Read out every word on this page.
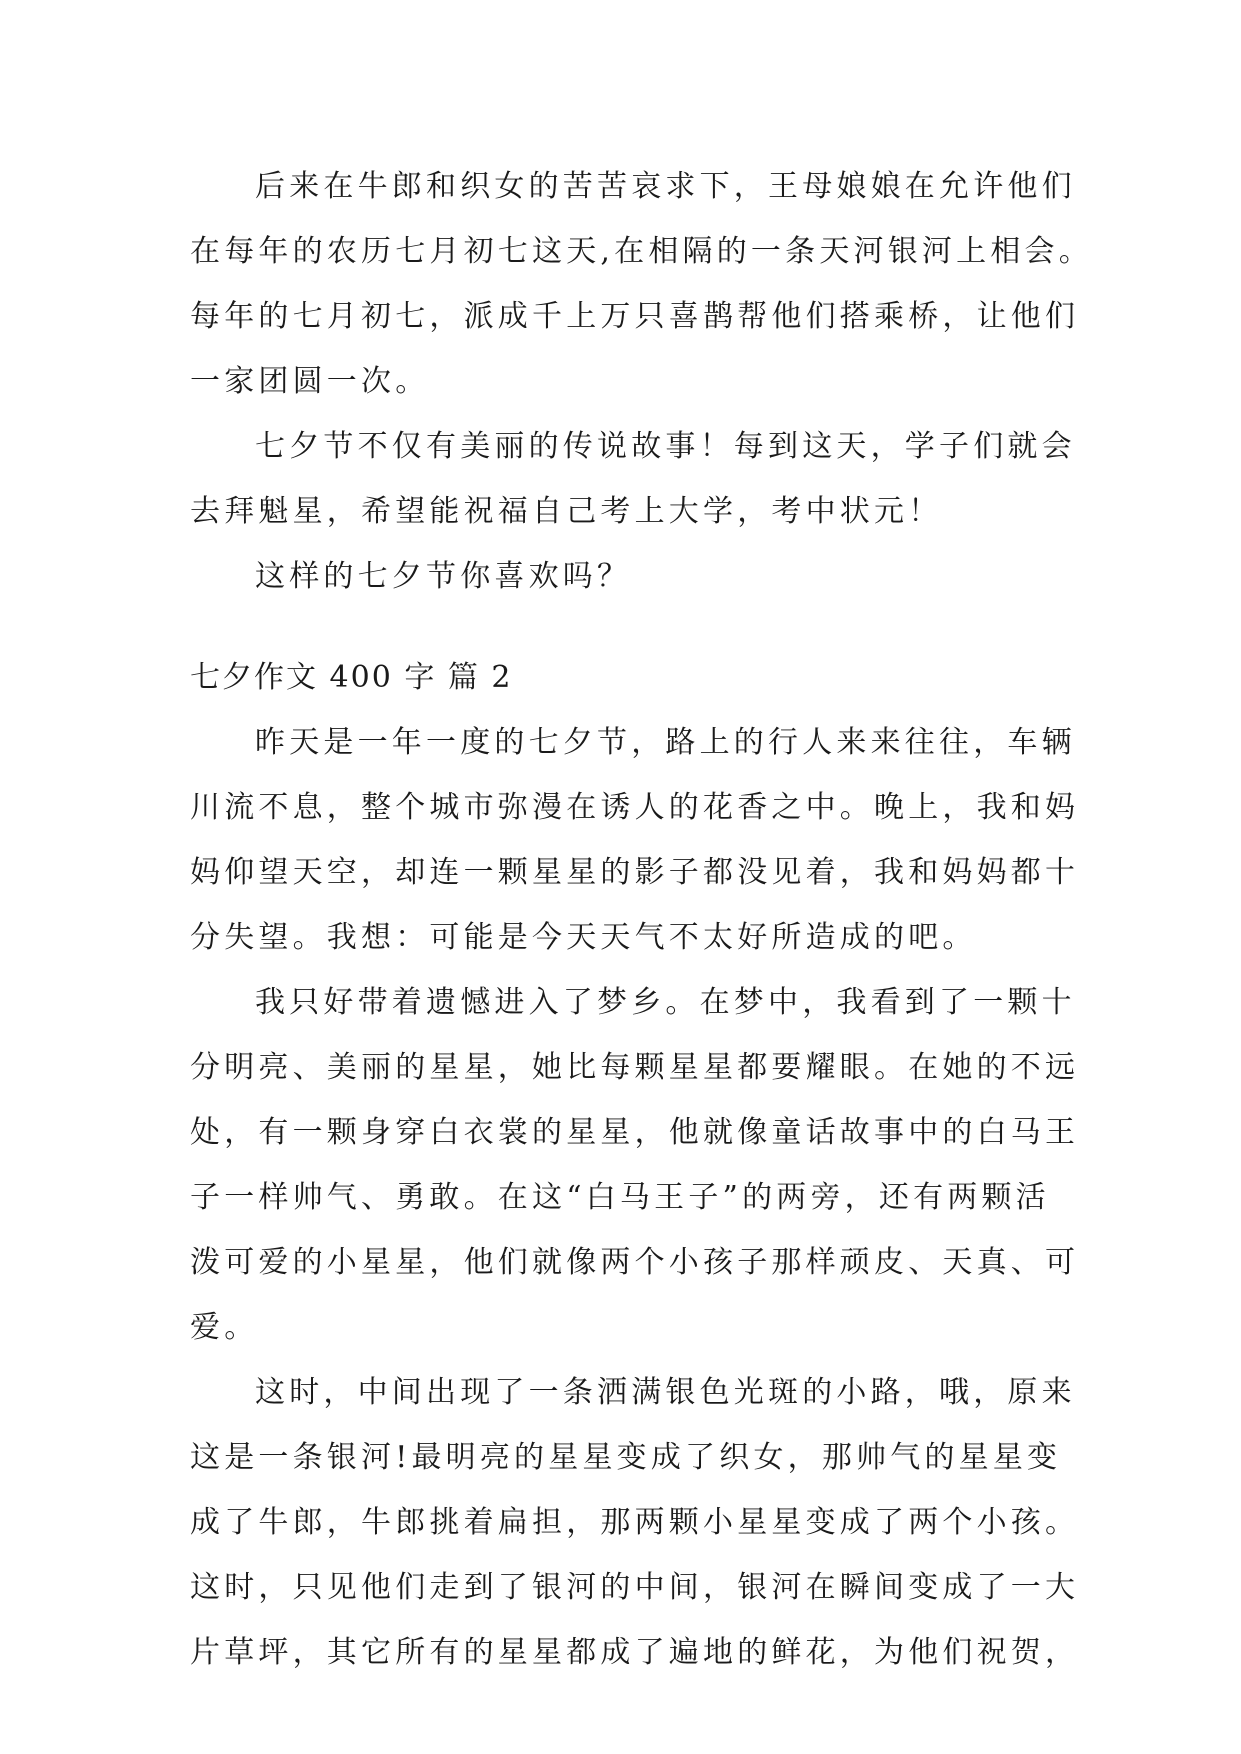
后来在牛郎和织女的苦苦哀求下，王母娘娘在允许他们
在每年的农历七月初七这天,在相隔的一条天河银河上相会。
每年的七月初七，派成千上万只喜鹊帮他们搭乘桥，让他们
一家团圆一次。
七夕节不仅有美丽的传说故事！每到这天，学子们就会
去拜魁星，希望能祝福自己考上大学，考中状元！
这样的七夕节你喜欢吗？
七夕作文 400 字 篇 2
昨天是一年一度的七夕节，路上的行人来来往往，车辆
川流不息，整个城市弥漫在诱人的花香之中。晚上，我和妈
妈仰望天空，却连一颗星星的影子都没见着，我和妈妈都十
分失望。我想：可能是今天天气不太好所造成的吧。
我只好带着遗憾进入了梦乡。在梦中，我看到了一颗十
分明亮、美丽的星星，她比每颗星星都要耀眼。在她的不远
处，有一颗身穿白衣裳的星星，他就像童话故事中的白马王
子一样帅气、勇敢。在这“白马王子”的两旁，还有两颗活
泼可爱的小星星，他们就像两个小孩子那样顽皮、天真、可
爱。
这时，中间出现了一条洒满银色光斑的小路，哦，原来
这是一条银河!最明亮的星星变成了织女，那帅气的星星变
成了牛郎，牛郎挑着扁担，那两颗小星星变成了两个小孩。
这时，只见他们走到了银河的中间，银河在瞬间变成了一大
片草坪，其它所有的星星都成了遍地的鲜花，为他们祝贺，
